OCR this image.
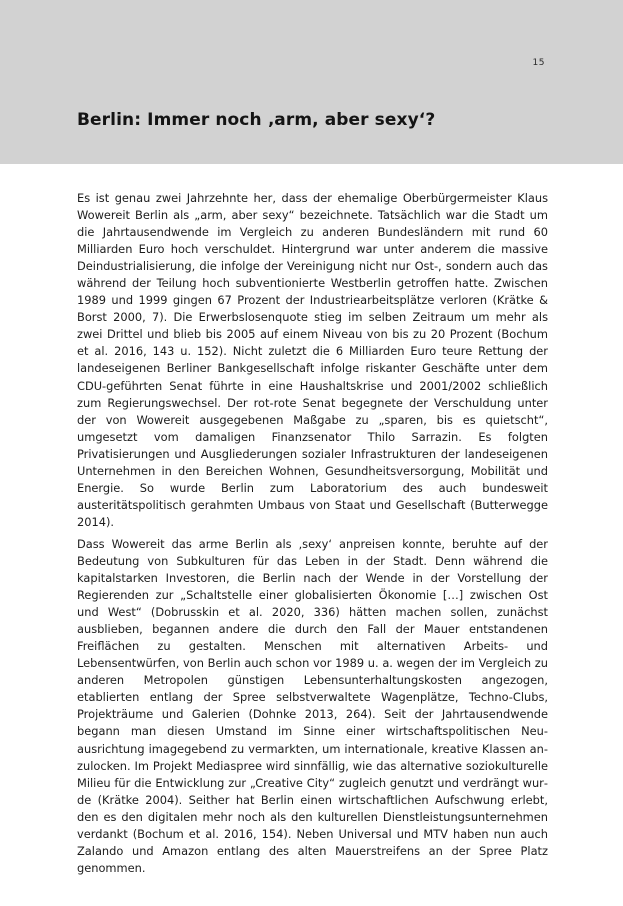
15
Berlin: Immer noch ‚arm, aber sexy‘?

Es ist genau zwei Jahrzehnte her, dass der ehemalige Oberbürgermeister Klaus Wowereit Berlin als „arm, aber sexy“ bezeichnete. Tatsächlich war die Stadt um die Jahrtausendwende im Vergleich zu anderen Bundesländern mit rund 60 Milliarden Euro hoch verschuldet. Hintergrund war unter anderem die massive Deindustrialisierung, die infolge der Vereinigung nicht nur Ost-, sondern auch das während der Teilung hoch subventionierte Westberlin getroffen hatte. Zwischen 1989 und 1999 gingen 67 Prozent der Industriearbeitsplätze verloren (Krätke & Borst 2000, 7). Die Erwerbslosenquote stieg im selben Zeitraum um mehr als zwei Drittel und blieb bis 2005 auf einem Niveau von bis zu 20 Prozent (Bochum et al. 2016, 143 u. 152). Nicht zuletzt die 6 Milliarden Euro teure Rettung der landeseigenen Berliner Bankgesellschaft infolge riskanter Geschäfte unter dem CDU-geführten Senat führte in eine Haushaltskrise und 2001/2002 schließlich zum Regierungswechsel. Der rot-rote Senat begegnete der Verschuldung unter der von Wowereit ausgegebenen Maßgabe zu „sparen, bis es quietscht“, umgesetzt vom damaligen Finanzsenator Thilo Sarrazin. Es folgten Privatisierungen und Ausgliederungen sozialer Infrastrukturen der landeseigenen Unternehmen in den Bereichen Wohnen, Gesundheitsversorgung, Mobilität und Energie. So wurde Berlin zum Laboratorium des auch bundesweit austeritätspolitisch gerahmten Umbaus von Staat und Gesellschaft (Butterwegge 2014).

Dass Wowereit das arme Berlin als ‚sexy‘ anpreisen konnte, beruhte auf der Bedeutung von Subkulturen für das Leben in der Stadt. Denn während die kapitalstarken Investoren, die Berlin nach der Wende in der Vorstellung der Regierenden zur „Schaltstelle einer globalisierten Ökonomie […] zwischen Ost und West“ (Dobrusskin et al. 2020, 336) hätten machen sollen, zunächst ausblieben, begannen andere die durch den Fall der Mauer entstandenen Freiflächen zu gestalten. Menschen mit alternativen Arbeits- und Lebensentwürfen, von Berlin auch schon vor 1989 u. a. wegen der im Vergleich zu anderen Metropolen günstigen Lebensunterhaltungskosten angezogen, etablierten entlang der Spree selbstverwaltete Wagenplätze, Techno-Clubs, Projekträume und Galerien (Dohnke 2013, 264). Seit der Jahrtausendwende begann man diesen Umstand im Sinne einer wirtschaftspolitischen Neuausrichtung imagegebend zu vermarkten, um internationale, kreative Klassen anzulocken. Im Projekt Mediaspree wird sinnfällig, wie das alternative soziokulturelle Milieu für die Entwicklung zur „Creative City“ zugleich genutzt und verdrängt wurde (Krätke 2004). Seither hat Berlin einen wirtschaftlichen Aufschwung erlebt, den es den digitalen mehr noch als den kulturellen Dienstleistungsunternehmen verdankt (Bochum et al. 2016, 154). Neben Universal und MTV haben nun auch Zalando und Amazon entlang des alten Mauerstreifens an der Spree Platz genommen.
